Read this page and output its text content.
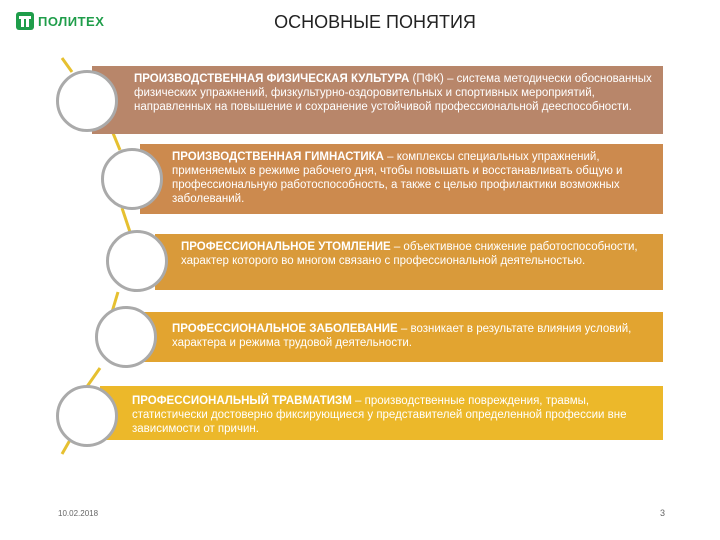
ПОЛИТЕХ	ОСНОВНЫЕ ПОНЯТИЯ
ПРОИЗВОДСТВЕННАЯ ФИЗИЧЕСКАЯ КУЛЬТУРА (ПФК) – система методически обоснованных физических упражнений, физкультурно-оздоровительных и спортивных мероприятий, направленных на повышение и сохранение устойчивой профессиональной дееспособности.
ПРОИЗВОДСТВЕННАЯ ГИМНАСТИКА – комплексы специальных упражнений, применяемых в режиме рабочего дня, чтобы повышать и восстанавливать общую и профессиональную работоспособность, а также с целью профилактики возможных заболеваний.
ПРОФЕССИОНАЛЬНОЕ УТОМЛЕНИЕ – объективное снижение работоспособности, характер которого во многом связано с профессиональной деятельностью.
ПРОФЕССИОНАЛЬНОЕ ЗАБОЛЕВАНИЕ – возникает в результате влияния условий, характера и режима трудовой деятельности.
ПРОФЕССИОНАЛЬНЫЙ ТРАВМАТИЗМ – производственные повреждения, травмы, статистически достоверно фиксирующиеся у представителей определенной профессии вне зависимости от причин.
10.02.2018	3
